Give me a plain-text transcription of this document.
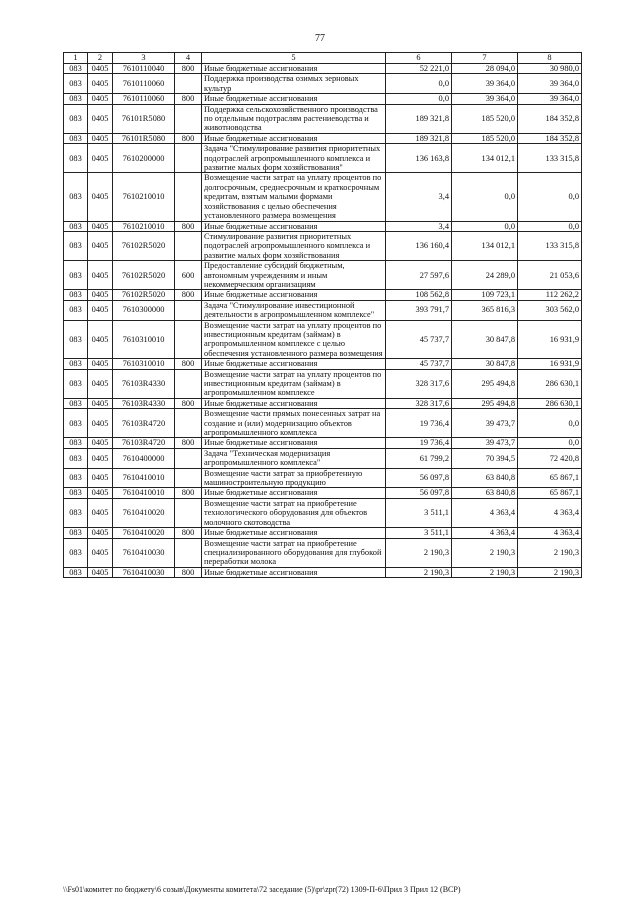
77
1	2	3	4	5	6	7	8
083	0405	7610110040	800	Иные бюджетные ассигнования	52 221,0	28 094,0	30 980,0
083	0405	7610110060		Поддержка производства озимых зерновых культур	0,0	39 364,0	39 364,0
083	0405	7610110060	800	Иные бюджетные ассигнования	0,0	39 364,0	39 364,0
083	0405	76101R5080		Поддержка сельскохозяйственного производства по отдельным подотраслям растениеводства и животноводства	189 321,8	185 520,0	184 352,8
083	0405	76101R5080	800	Иные бюджетные ассигнования	189 321,8	185 520,0	184 352,8
083	0405	7610200000		Задача "Стимулирование развития приоритетных подотраслей агропромышленного комплекса и развитие малых форм хозяйствования"	136 163,8	134 012,1	133 315,8
083	0405	7610210010		Возмещение части затрат на уплату процентов по долгосрочным, среднесрочным и краткосрочным кредитам, взятым малыми формами хозяйствования с целью обеспечения установленного размера возмещения	3,4	0,0	0,0
083	0405	7610210010	800	Иные бюджетные ассигнования	3,4	0,0	0,0
083	0405	76102R5020		Стимулирование развития приоритетных подотраслей агропромышленного комплекса и развитие малых форм хозяйствования	136 160,4	134 012,1	133 315,8
083	0405	76102R5020	600	Предоставление субсидий бюджетным, автономным учреждениям и иным некоммерческим организациям	27 597,6	24 289,0	21 053,6
083	0405	76102R5020	800	Иные бюджетные ассигнования	108 562,8	109 723,1	112 262,2
083	0405	7610300000		Задача "Стимулирование инвестиционной деятельности в агропромышленном комплексе"	393 791,7	365 816,3	303 562,0
083	0405	7610310010		Возмещение части затрат на уплату процентов по инвестиционным кредитам (займам) в агропромышленном комплексе с целью обеспечения установленного размера возмещения	45 737,7	30 847,8	16 931,9
083	0405	7610310010	800	Иные бюджетные ассигнования	45 737,7	30 847,8	16 931,9
083	0405	76103R4330		Возмещение части затрат на уплату процентов по инвестиционным кредитам (займам) в агропромышленном комплексе	328 317,6	295 494,8	286 630,1
083	0405	76103R4330	800	Иные бюджетные ассигнования	328 317,6	295 494,8	286 630,1
083	0405	76103R4720		Возмещение части прямых понесенных затрат на создание и (или) модернизацию объектов агропромышленного комплекса	19 736,4	39 473,7	0,0
083	0405	76103R4720	800	Иные бюджетные ассигнования	19 736,4	39 473,7	0,0
083	0405	7610400000		Задача "Техническая модернизация агропромышленного комплекса"	61 799,2	70 394,5	72 420,8
083	0405	7610410010		Возмещение части затрат за приобретенную машиностроительную продукцию	56 097,8	63 840,8	65 867,1
083	0405	7610410010	800	Иные бюджетные ассигнования	56 097,8	63 840,8	65 867,1
083	0405	7610410020		Возмещение части затрат на приобретение технологического оборудования для объектов молочного скотоводства	3 511,1	4 363,4	4 363,4
083	0405	7610410020	800	Иные бюджетные ассигнования	3 511,1	4 363,4	4 363,4
083	0405	7610410030		Возмещение части затрат на приобретение специализированного оборудования для глубокой переработки молока	2 190,3	2 190,3	2 190,3
083	0405	7610410030	800	Иные бюджетные ассигнования	2 190,3	2 190,3	2 190,3
\\Fs01\комитет по бюджету\6 созыв\Документы комитета\72 заседание (5)\pr\zpr(72) 1309-П-6\Прил 3 Прил 12 (ВСР)
